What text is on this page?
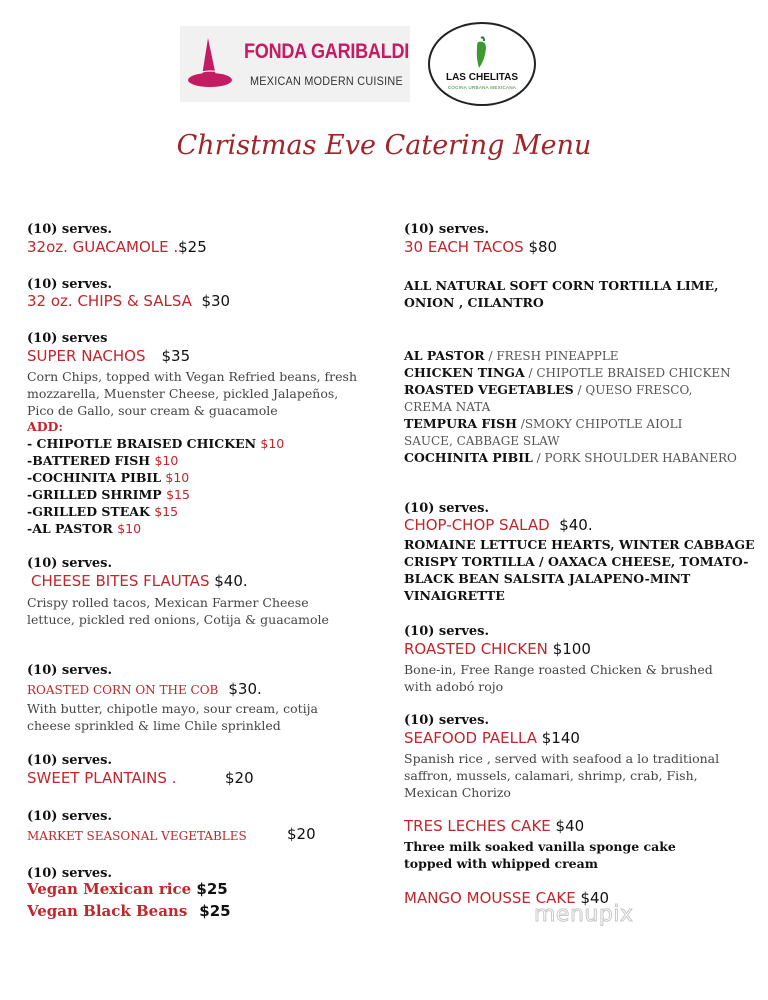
FONDA GARIBALDI
MEXICAN MODERN CUISINE	LAS CHELITAS
COCINA URBANA MEXICANA
Christmas Eve Catering Menu
(10) serves.
32oz. GUACAMOLE .$25
(10) serves.
32 oz. CHIPS & SALSA $30
(10) serves
SUPER NACHOS $35
Corn Chips, topped with Vegan Refried beans, fresh
mozzarella, Muenster Cheese, pickled Jalapeños,
Pico de Gallo, sour cream & guacamole
ADD:
- CHIPOTLE BRAISED CHICKEN $10
-BATTERED FISH $10
-COCHINITA PIBIL $10
-GRILLED SHRIMP $15
-GRILLED STEAK $15
-AL PASTOR $10
(10) serves.
CHEESE BITES FLAUTAS $40.
Crispy rolled tacos, Mexican Farmer Cheese
lettuce, pickled red onions, Cotija & guacamole
(10) serves.
ROASTED CORN ON THE COB $30.
With butter, chipotle mayo, sour cream, cotija
cheese sprinkled & lime Chile sprinkled
(10) serves.
SWEET PLANTAINS .	$20
(10) serves.
MARKET SEASONAL VEGETABLES	$20
(10) serves.
Vegan Mexican rice $25
Vegan Black Beans $25
(10) serves.
30 EACH TACOS $80
ALL NATURAL SOFT CORN TORTILLA LIME,
ONION , CILANTRO
AL PASTOR / FRESH PINEAPPLE
CHICKEN TINGA / CHIPOTLE BRAISED CHICKEN
ROASTED VEGETABLES / QUESO FRESCO,
CREMA NATA
TEMPURA FISH /SMOKY CHIPOTLE AIOLI
SAUCE, CABBAGE SLAW
COCHINITA PIBIL / PORK SHOULDER HABANERO
(10) serves.
CHOP-CHOP SALAD $40.
ROMAINE LETTUCE HEARTS, WINTER CABBAGE
CRISPY TORTILLA / OAXACA CHEESE, TOMATO-
BLACK BEAN SALSITA JALAPENO-MINT
VINAIGRETTE
(10) serves.
ROASTED CHICKEN $100
Bone-in, Free Range roasted Chicken & brushed
with adobó rojo
(10) serves.
SEAFOOD PAELLA $140
Spanish rice , served with seafood a lo traditional
saffron, mussels, calamari, shrimp, crab, Fish,
Mexican Chorizo
TRES LECHES CAKE $40
Three milk soaked vanilla sponge cake
topped with whipped cream
MANGO MOUSSE CAKE $40
menupix
